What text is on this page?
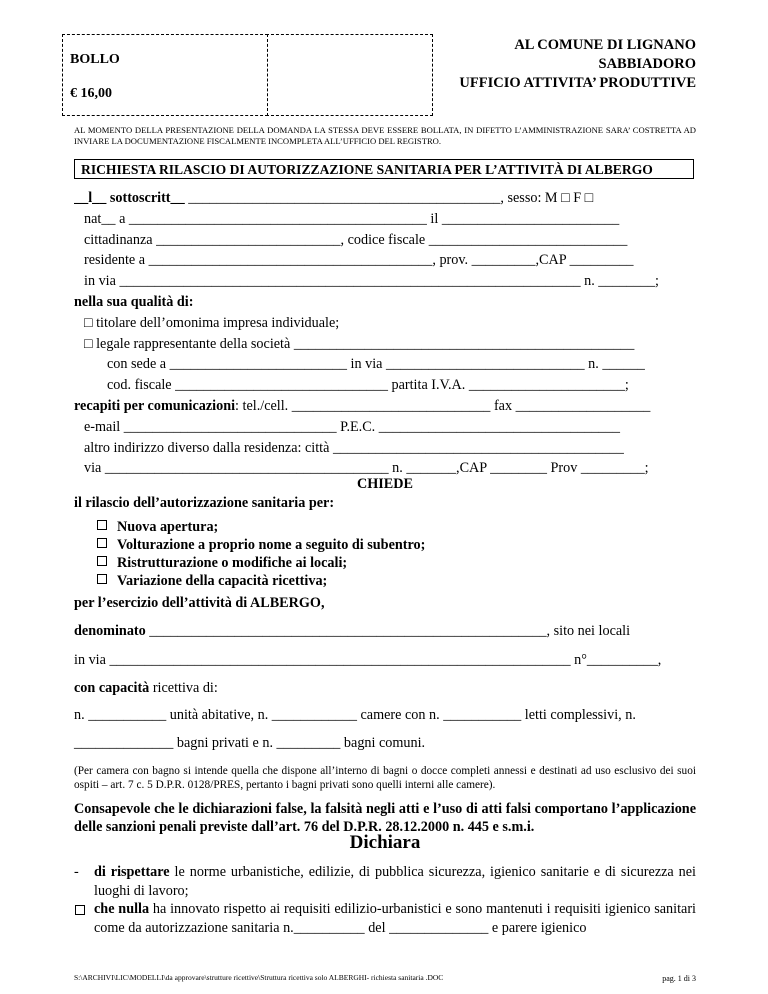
BOLLO
€ 16,00
AL COMUNE DI LIGNANO
SABBIADORO
UFFICIO ATTIVITA’ PRODUTTIVE
AL MOMENTO DELLA PRESENTAZIONE DELLA DOMANDA LA STESSA DEVE ESSERE BOLLATA, IN DIFETTO L’AMMINISTRAZIONE SARA’ COSTRETTA AD INVIARE LA DOCUMENTAZIONE FISCALMENTE INCOMPLETA ALL’UFFICIO DEL REGISTRO.
RICHIESTA RILASCIO DI AUTORIZZAZIONE SANITARIA PER L’ATTIVITÀ DI ALBERGO
__l__ sottoscritt__ ____________________________________________, sesso: M □ F □
nat__ a __________________________________________ il _________________________
cittadinanza __________________________, codice fiscale ____________________________
residente a ________________________________________, prov. _________,CAP _________
in via _________________________________________________________________ n. ________;
nella sua qualità di:
□ titolare dell’omonima impresa individuale;
□ legale rappresentante della società ________________________________________________
con sede a _________________________ in via ____________________________ n. ______
cod. fiscale ______________________________ partita I.V.A. ______________________;
recapiti per comunicazioni: tel./cell. ____________________________ fax ___________________
e-mail ______________________________ P.E.C. __________________________________
altro indirizzo diverso dalla residenza: città _________________________________________
via ________________________________________ n. _______,CAP ________ Prov _________;
CHIEDE
il rilascio dell’autorizzazione sanitaria per:
Nuova apertura;
Volturazione a proprio nome a seguito di subentro;
Ristrutturazione o modifiche ai locali;
Variazione della capacità ricettiva;
per l’esercizio dell’attività di ALBERGO,
denominato ________________________________________________________, sito nei locali
in via _________________________________________________________________ n°__________,
con capacità ricettiva di:
n. ___________ unità abitative, n. ____________ camere con n. ___________ letti complessivi, n.
______________ bagni privati e n. _________ bagni comuni.
(Per camera con bagno si intende quella che dispone all’interno di bagni o docce completi annessi e destinati ad uso esclusivo dei suoi ospiti – art. 7 c. 5 D.P.R. 0128/PRES, pertanto i bagni privati sono quelli interni alle camere).
Consapevole che le dichiarazioni false, la falsità negli atti e l’uso di atti falsi comportano l’applicazione delle sanzioni penali previste dall’art. 76 del D.P.R. 28.12.2000 n. 445 e s.m.i.
Dichiara
- di rispettare le norme urbanistiche, edilizie, di pubblica sicurezza, igienico sanitarie e di sicurezza nei luoghi di lavoro;
che nulla ha innovato rispetto ai requisiti edilizio-urbanistici e sono mantenuti i requisiti igienico sanitari come da autorizzazione sanitaria n.__________ del ______________ e parere igienico
S:\ARCHIVI\LIC\MODELLI\da approvare\strutture ricettive\Struttura ricettiva solo ALBERGHI- richiesta sanitaria .DOC	pag. 1 di 3
